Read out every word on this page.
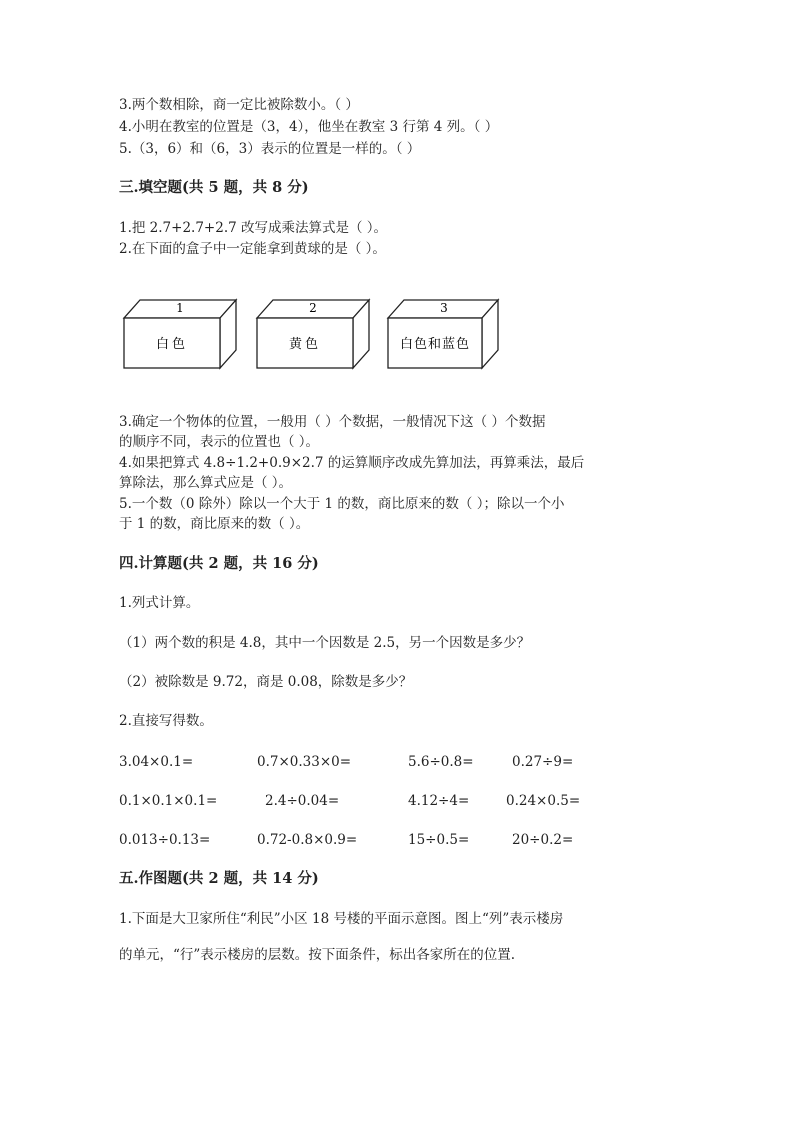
3.两个数相除，商一定比被除数小。（ ）
4.小明在教室的位置是（3，4），他坐在教室 3 行第 4 列。（ ）
5.（3，6）和（6，3）表示的位置是一样的。（ ）
三.填空题(共 5 题，共 8 分)
1.把 2.7+2.7+2.7 改写成乘法算式是（ ）。
2.在下面的盒子中一定能拿到黄球的是（ ）。
1
白色
2
黄色
3
白色和蓝色
3.确定一个物体的位置，一般用（ ）个数据，一般情况下这（ ）个数据
的顺序不同，表示的位置也（ ）。
4.如果把算式 4.8÷1.2+0.9×2.7 的运算顺序改成先算加法，再算乘法，最后
算除法，那么算式应是（ ）。
5.一个数（0 除外）除以一个大于 1 的数，商比原来的数（ ）；除以一个小
于 1 的数，商比原来的数（ ）。
四.计算题(共 2 题，共 16 分)
1.列式计算。
（1）两个数的积是 4.8，其中一个因数是 2.5，另一个因数是多少？
（2）被除数是 9.72，商是 0.08，除数是多少？
2.直接写得数。
3.04×0.1=	0.7×0.33×0=	5.6÷0.8=	0.27÷9=
0.1×0.1×0.1=	2.4÷0.04=	4.12÷4=	0.24×0.5=
0.013÷0.13=	0.72-0.8×0.9=	15÷0.5=	20÷0.2=
五.作图题(共 2 题，共 14 分)
1.下面是大卫家所住“利民”小区 18 号楼的平面示意图。图上“列”表示楼房
的单元，“行”表示楼房的层数。按下面条件，标出各家所在的位置.
